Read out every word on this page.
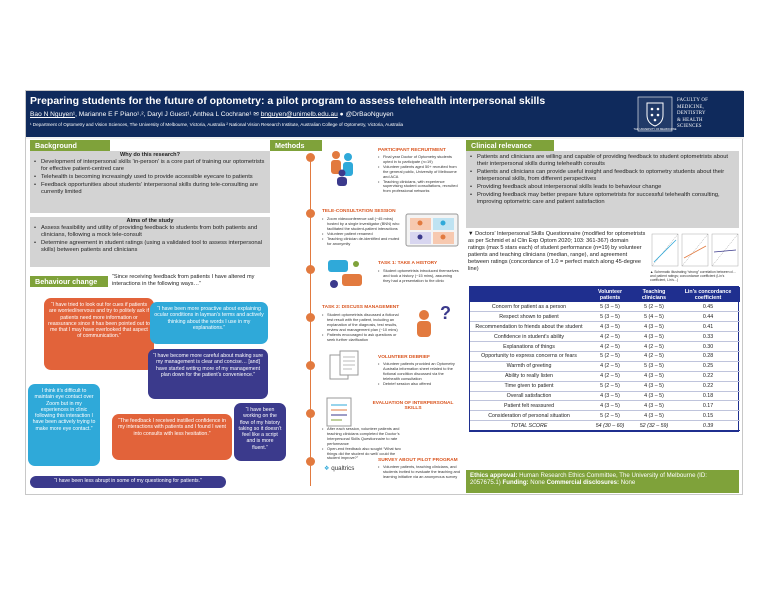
Preparing students for the future of optometry: a pilot program to assess telehealth interpersonal skills
Bao N Nguyen¹, Marianne E F Piano¹˒², Daryl J Guest¹, Anthea L Cochrane¹ ✉ bnguyen@unimelb.edu.au ● @DrBaoNguyen
¹ Department of Optometry and Vision Sciences, The University of Melbourne, Victoria, Australia ² National Vision Research Institute, Australian College of Optometry, Victoria, Australia
THE UNIVERSITY OF MELBOURNE
FACULTY OF
MEDICINE,
DENTISTRY
& HEALTH
SCIENCES
Background
Why do this research?
• Development of interpersonal skills ‘in-person’ is a core part of training our optometrists for effective patient-centred care
• Telehealth is becoming increasingly used to provide accessible eyecare to patients
• Feedback opportunities about students’ interpersonal skills during tele-consulting are currently limited
Aims of the study
• Assess feasibility and utility of providing feedback to students from both patients and clinicians, following a mock tele-consult
• Determine agreement in student ratings (using a validated tool to assess interpersonal skills) between patients and clinicians
Behaviour change	“Since receiving feedback from patients I have altered my interactions in the following ways…”
“I have tried to look out for cues if patients are worried/nervous and try to politely ask if patients need more information or reassurance since it has been pointed out to me that I may have overlooked that aspect of communication.”
“I have been more proactive about explaining ocular conditions in layman’s terms and actively thinking about the words I use in my explanations.”
I think it’s difficult to maintain eye contact over Zoom but in my experiences in clinic following this interaction I have been actively trying to make more eye contact.”
“I have become more careful about making sure my management is clear and concise… [and] have started writing more of my management plan down for the patient’s convenience.”
“The feedback I received instilled confidence in my interactions with patients and I found I went into consults with less hesitation.”
“I have been working on the flow of my history taking so it doesn’t feel like a script and is more fluent.”
“I have been less abrupt in some of my questioning for patients.”
Methods
PARTICIPANT RECRUITMENT
• Final year Doctor of Optometry students opted in to participate (n=19)
• Volunteer patients aged 50+ recruited from the general public, University of Melbourne and ACA
• Teaching clinicians, with experience supervising student consultations, recruited from professional networks
TELE-CONSULTATION SESSION
• Zoom videoconference call (~45 mins) hosted by a single investigator (BNN) who facilitated the student-patient interactions
• Volunteer patient renamed
• Teaching clinician de-identified and muted for anonymity
TASK 1: TAKE A HISTORY
• Student optometrists introduced themselves and took a history (~15 mins), assuming they had a presentation to the clinic
TASK 2: DISCUSS MANAGEMENT
• Student optometrists discussed a fictional test result with the patient, including an explanation of the diagnosis, test results, review and management plan (~10 mins)
• Patients encouraged to ask questions or seek further clarification
?
VOLUNTEER DEBRIEF
• Volunteer patients provided an Optometry Australia information sheet related to the fictional condition discussed via the telehealth consultation
• Debrief session also offered
EVALUATION OF INTERPERSONAL SKILLS
• After each session, volunteer patients and teaching clinicians completed the Doctor’s Interpersonal Skills Questionnaire to rate performance
• Open-end feedback also sought “What two things did the student do well/ could the student improve?”
❖ qualtrics
SURVEY ABOUT PILOT PROGRAM
• Volunteer patients, teaching clinicians, and students invited to evaluate the teaching and learning initiative via an anonymous survey
Clinical relevance
• Patients and clinicians are willing and capable of providing feedback to student optometrists about their interpersonal skills during telehealth consults
• Patients and clinicians can provide useful insight and feedback to optometry students about their interpersonal skills, from different perspectives
• Providing feedback about interpersonal skills leads to behaviour change
• Providing feedback may better prepare future optometrists for successful telehealth consulting, improving optometric care and patient satisfaction
▼ Doctors’ Interpersonal Skills Questionnaire (modified for optometrists as per Schmid et al Clin Exp Optom 2020; 103: 361-367) domain ratings (max 5 stars each) of student performance (n=19) by volunteer patients and teaching clinicians (median, range), and agreement between ratings (concordance of 1.0 = perfect match along 45-degree line)	▲ Schematic illustrating “strong” correlation between cl... and patient ratings; concordance coefficient (Lin’s coefficient, Lin’s...)
	Volunteer patients	Teaching clinicians	Lin’s concordance coefficient
Concern for patient as a person	5 (3 – 5)	5 (2 – 5)	0.45
Respect shown to patient	5 (3 – 5)	5 (4 – 5)	0.44
Recommendation to friends about the student	4 (3 – 5)	4 (3 – 5)	0.41
Confidence in student’s ability	4 (2 – 5)	4 (3 – 5)	0.33
Explanations of things	4 (2 – 5)	4 (2 – 5)	0.30
Opportunity to express concerns or fears	5 (2 – 5)	4 (2 – 5)	0.28
Warmth of greeting	4 (2 – 5)	5 (3 – 5)	0.25
Ability to really listen	4 (2 – 5)	4 (3 – 5)	0.22
Time given to patient	5 (2 – 5)	4 (3 – 5)	0.22
Overall satisfaction	4 (3 – 5)	4 (3 – 5)	0.18
Patient felt reassured	4 (3 – 5)	4 (3 – 5)	0.17
Consideration of personal situation	5 (2 – 5)	4 (3 – 5)	0.15
TOTAL SCORE	54 (30 – 60)	52 (32 – 59)	0.39
Ethics approval: Human Research Ethics Committee, The University of Melbourne (ID: 2057675.1) Funding: None Commercial disclosures: None
